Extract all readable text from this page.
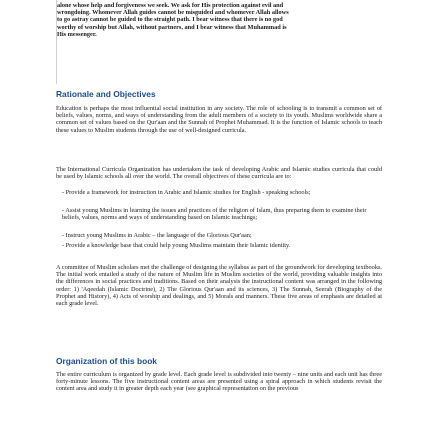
alone whose help and forgiveness we seek. We ask for His protection against evil and

wrongdoing. Whomever Allah guides cannot be misguided and whomever Allah allows

to go astray cannot be guided to the straight path. I bear witness that there is no god

worthy of worship but Allah, without partners, and I bear witness that Muhammad is

His messenger.

Rationale and Objectives

Education is perhaps the most influential social institution in any society. The role of schooling is to transmit a common set of beliefs, values, norms, and ways of understanding from the adult members of a society to its youth. Muslims worldwide share a common set of values based on the Qur'aan and the Sunnah of Prophet Muhammad. It is the function of Islamic schools to teach these values to Muslim students through the use of well-designed curricula.

The International Curricula Organization has undertaken the task of developing Arabic and Islamic studies curricula that could be used by Islamic schools all over the world. The overall objectives of these curricula are to:

- Provide a framework for instruction in Arabic and Islamic studies for English - speaking schools;

- Assist young Muslims in learning the issues and practices of the religion of Islam, thus preparing them to examine their beliefs, values, norms and ways of understanding based on Islamic teachings;

- Instruct young Muslims in Arabic – the language of the Glorious Qur'aan;

- Provide a knowledge base that could help young Muslims maintain their Islamic identity.

A committee of Muslim scholars met the challenge of designing the syllabus as part of the groundwork for developing textbooks. The initial work entailed a study of the nature of Muslim life in Muslim societies of the world, providing valuable insights into the differences in social practices and traditions. Based on their analysis the instructional content was arranged in the following order: 1) 'Aqeedah (Islamic Doctrine), 2) The Glorious Qur'aan and its sciences, 3) The Sunnah, Seerah (Biography of the Prophet and History), 4) Acts of worship and dealings, and 5) Morals and manners. These five areas of emphasis are detailed at each grade level.

Organization of this book

The entire curriculum is organized by grade level. Each grade level is subdivided into twenty – nine units and each unit has three forty-minute lessons. The five instructional content areas are presented using a spiral approach in which students revisit the content area and study it in greater depth each year (see graphical representation on the previous
